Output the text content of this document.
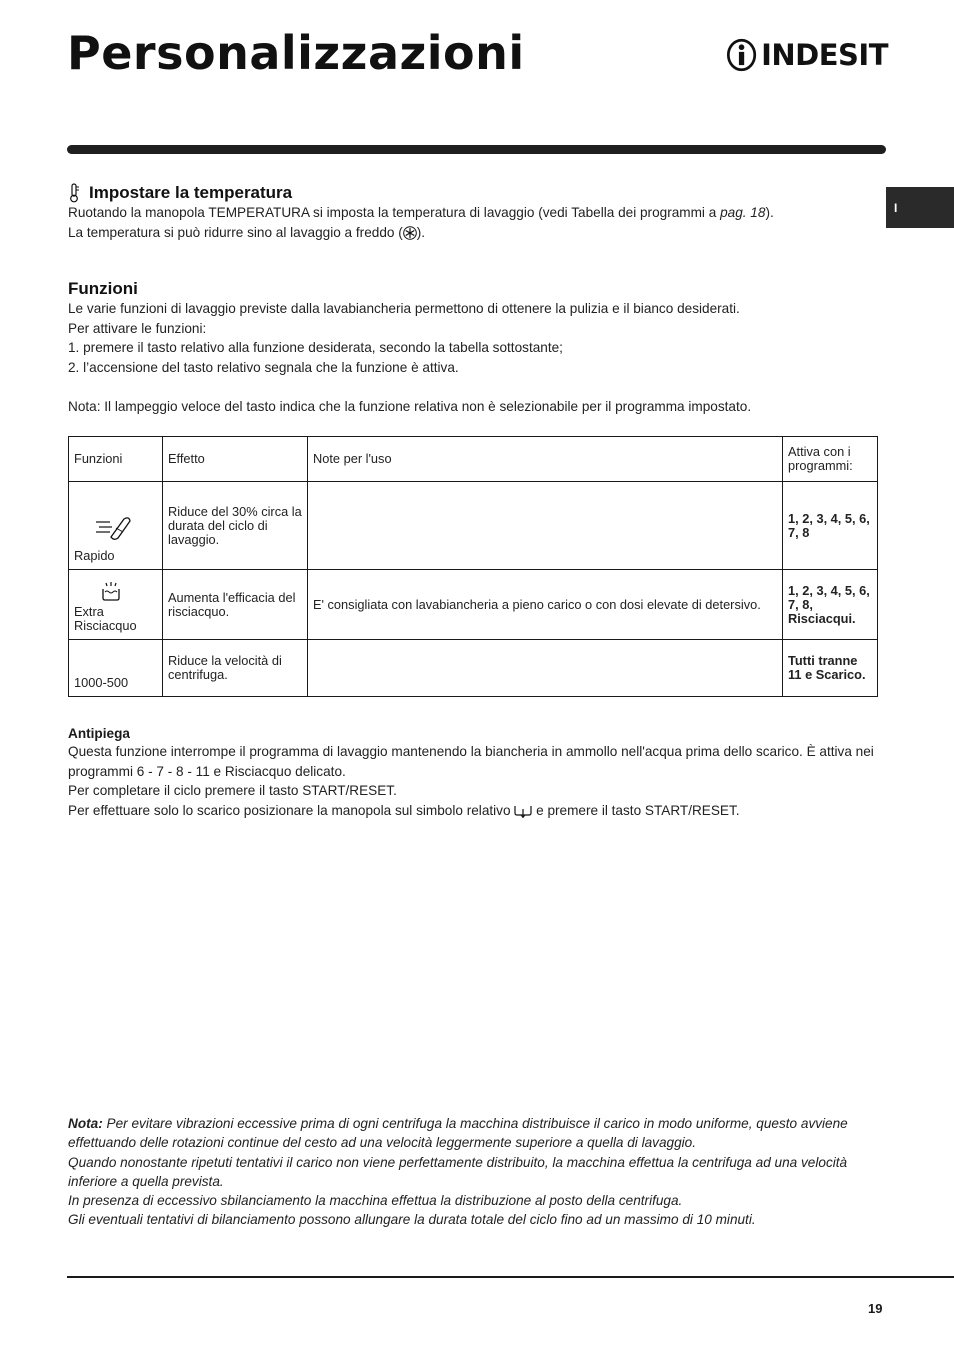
Personalizzazioni	INDESIT
I
Impostare la temperatura

Ruotando la manopola TEMPERATURA si imposta la temperatura di lavaggio (vedi Tabella dei programmi a pag. 18).

La temperatura si può ridurre sino al lavaggio a freddo ( ).

Funzioni

Le varie funzioni di lavaggio previste dalla lavabiancheria permettono di ottenere la pulizia e il bianco desiderati.

Per attivare le funzioni:

1. premere il tasto relativo alla funzione desiderata, secondo la tabella sottostante;

2. l’accensione del tasto relativo segnala che la funzione è attiva.

Nota: Il lampeggio veloce del tasto indica che la funzione relativa non è selezionabile per il programma impostato.

Funzioni	Effetto	Note per l'uso	Attiva con i programmi:

Rapido	Riduce del 30% circa la durata del ciclo di lavaggio.		1, 2, 3, 4, 5, 6, 7, 8

Extra Risciacquo	Aumenta l'efficacia del risciacquo.	E' consigliata con lavabiancheria a pieno carico o con dosi elevate di detersivo.	1, 2, 3, 4, 5, 6, 7, 8, Risciacqui.
1000-500	Riduce la velocità di centrifuga.		Tutti tranne 11 e Scarico.
Antipiega

Questa funzione interrompe il programma di lavaggio mantenendo la biancheria in ammollo nell'acqua prima dello scarico. È attiva nei programmi 6 - 7 - 8 - 11 e Risciacquo delicato.

Per completare il ciclo premere il tasto START/RESET.

Per effettuare solo lo scarico posizionare la manopola sul simbolo relativo e premere il tasto START/RESET.

Nota: Per evitare vibrazioni eccessive prima di ogni centrifuga la macchina distribuisce il carico in modo uniforme, questo avviene effettuando delle rotazioni continue del cesto ad una velocità leggermente superiore a quella di lavaggio.

Quando nonostante ripetuti tentativi il carico non viene perfettamente distribuito, la macchina effettua la centrifuga ad una velocità inferiore a quella prevista.

In presenza di eccessivo sbilanciamento la macchina effettua la distribuzione al posto della centrifuga.

Gli eventuali tentativi di bilanciamento possono allungare la durata totale del ciclo fino ad un massimo di 10 minuti.

19
